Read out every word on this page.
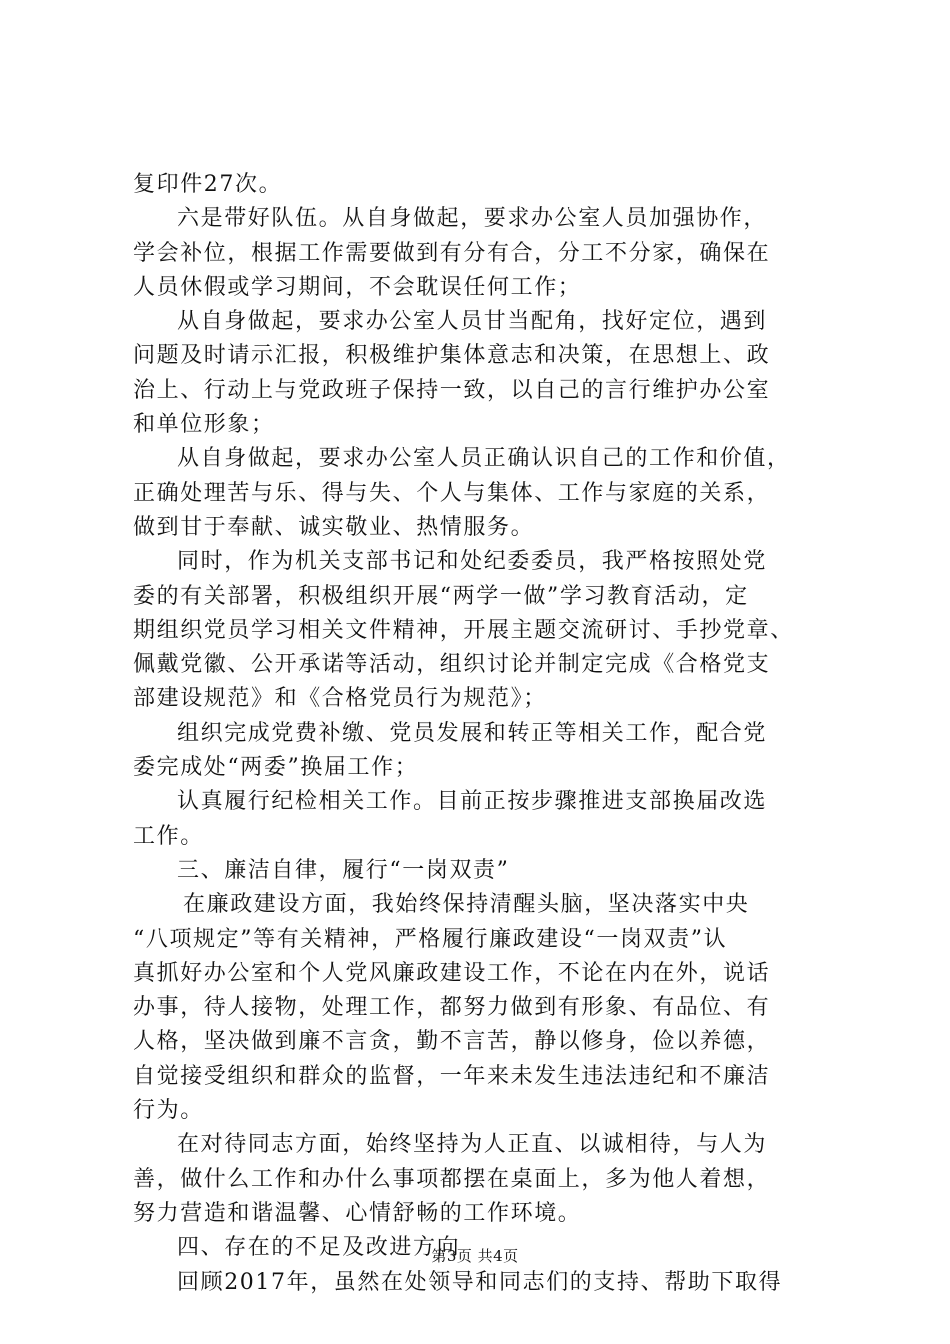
复印件27次。
六是带好队伍。从自身做起，要求办公室人员加强协作，
学会补位，根据工作需要做到有分有合，分工不分家，确保在
人员休假或学习期间，不会耽误任何工作；
从自身做起，要求办公室人员甘当配角，找好定位，遇到
问题及时请示汇报，积极维护集体意志和决策，在思想上、政
治上、行动上与党政班子保持一致，以自己的言行维护办公室
和单位形象；
从自身做起，要求办公室人员正确认识自己的工作和价值，
正确处理苦与乐、得与失、个人与集体、工作与家庭的关系，
做到甘于奉献、诚实敬业、热情服务。
同时，作为机关支部书记和处纪委委员，我严格按照处党
委的有关部署，积极组织开展“两学一做”学习教育活动，定
期组织党员学习相关文件精神，开展主题交流研讨、手抄党章、
佩戴党徽、公开承诺等活动，组织讨论并制定完成《合格党支
部建设规范》和《合格党员行为规范》；
组织完成党费补缴、党员发展和转正等相关工作，配合党
委完成处“两委”换届工作；
认真履行纪检相关工作。目前正按步骤推进支部换届改选
工作。
三、廉洁自律，履行“一岗双责”
在廉政建设方面，我始终保持清醒头脑，坚决落实中央
“八项规定”等有关精神，严格履行廉政建设“一岗双责”认
真抓好办公室和个人党风廉政建设工作，不论在内在外，说话
办事，待人接物，处理工作，都努力做到有形象、有品位、有
人格，坚决做到廉不言贪，勤不言苦，静以修身，俭以养德，
自觉接受组织和群众的监督，一年来未发生违法违纪和不廉洁
行为。
在对待同志方面，始终坚持为人正直、以诚相待，与人为
善，做什么工作和办什么事项都摆在桌面上，多为他人着想，
努力营造和谐温馨、心情舒畅的工作环境。
四、存在的不足及改进方向
回顾2017年，虽然在处领导和同志们的支持、帮助下取得
第3页 共4页
